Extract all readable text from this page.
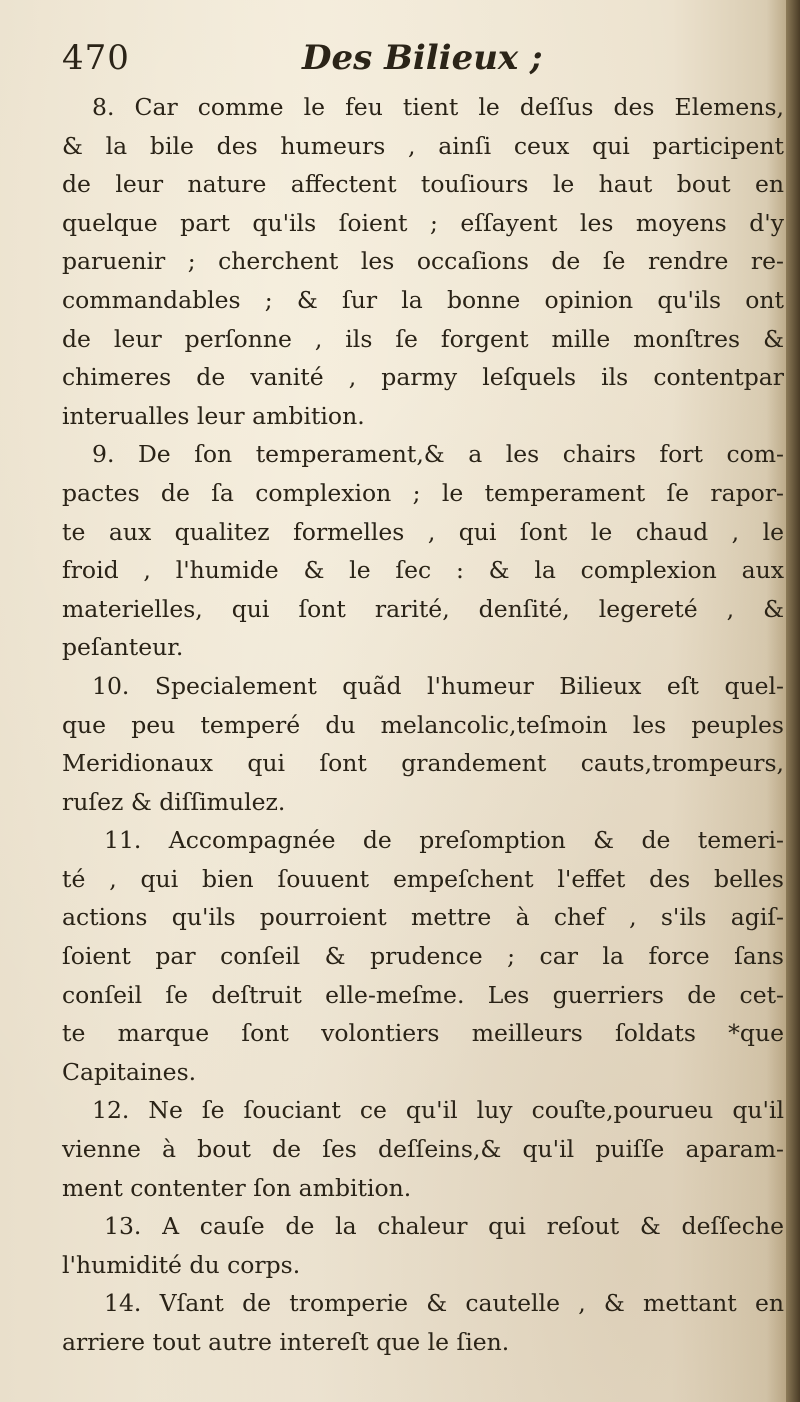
470	Des Bilieux ;
8. Car comme le feu tient le deſſus des Elemens,
& la bile des humeurs , ainſi ceux qui participent
de leur nature affectent touſiours le haut bout en
quelque part qu'ils ſoient ; eſſayent les moyens d'y
paruenir ; cherchent les occaſions de ſe rendre re-
commandables ; & ſur la bonne opinion qu'ils ont
de leur perſonne , ils ſe forgent mille monſtres &
chimeres de vanité , parmy leſquels ils contentpar
interualles leur ambition.
9. De ſon temperament,& a les chairs fort com-
pactes de ſa complexion ; le temperament ſe rapor-
te aux qualitez formelles , qui ſont le chaud , le
froid , l'humide & le ſec : & la complexion aux
materielles, qui ſont rarité, denſité, legereté , &
peſanteur.
10. Specialement quãd l'humeur Bilieux eſt quel-
que peu temperé du melancolic,teſmoin les peuples
Meridionaux qui ſont grandement cauts,trompeurs,
ruſez & diſſimulez.
11. Accompagnée de preſomption & de temeri-
té , qui bien ſouuent empeſchent l'effet des belles
actions qu'ils pourroient mettre à chef , s'ils agiſ-
ſoient par conſeil & prudence ; car la force ſans
conſeil ſe deſtruit elle-meſme. Les guerriers de cet-
te marque ſont volontiers meilleurs ſoldats *que
Capitaines.
12. Ne ſe ſouciant ce qu'il luy couſte,pourueu qu'il
vienne à bout de ſes deſſeins,& qu'il puiſſe aparam-
ment contenter ſon ambition.
13. A cauſe de la chaleur qui reſout & deſſeche
l'humidité du corps.
14. Vſant de tromperie & cautelle , & mettant en
arriere tout autre intereſt que le ſien.
